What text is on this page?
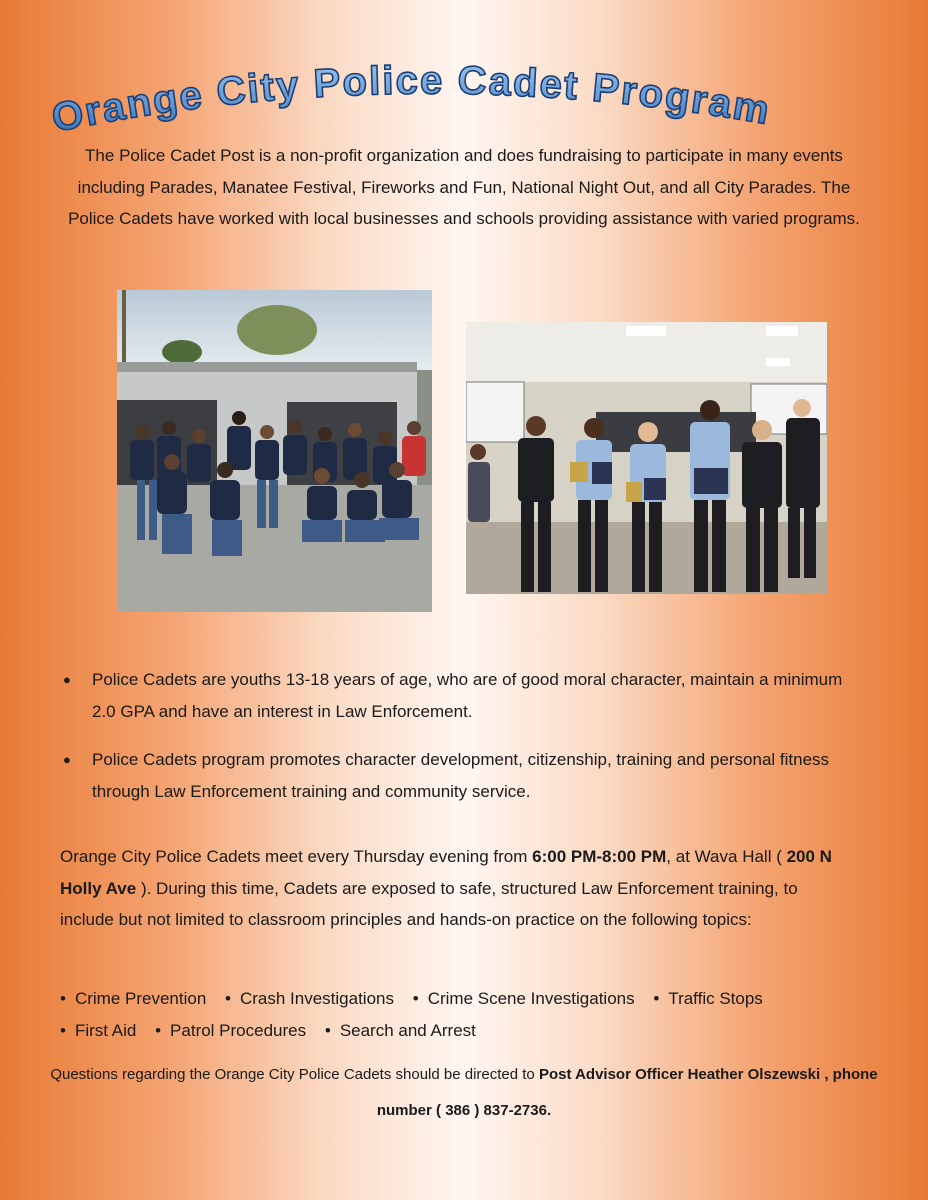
Orange City Police Cadet Program
The Police Cadet Post is a non-profit organization and does fundraising to participate in many events including Parades, Manatee Festival, Fireworks and Fun, National Night Out, and all City Parades. The Police Cadets have worked with local businesses and schools providing assistance with varied programs.
● Police Cadets are youths 13-18 years of age, who are of good moral character, maintain a minimum 2.0 GPA and have an interest in Law Enforcement.
● Police Cadets program promotes character development, citizenship, training and personal fitness through Law Enforcement training and community service.
Orange City Police Cadets meet every Thursday evening from 6:00 PM-8:00 PM, at Wava Hall ( 200 N Holly Ave ). During this time, Cadets are exposed to safe, structured Law Enforcement training, to include but not limited to classroom principles and hands-on practice on the following topics:
• Crime Prevention • Crash Investigations • Crime Scene Investigations • Traffic Stops
• First Aid • Patrol Procedures • Search and Arrest
Questions regarding the Orange City Police Cadets should be directed to Post Advisor Officer Heather Olszewski , phone number ( 386 ) 837-2736.
